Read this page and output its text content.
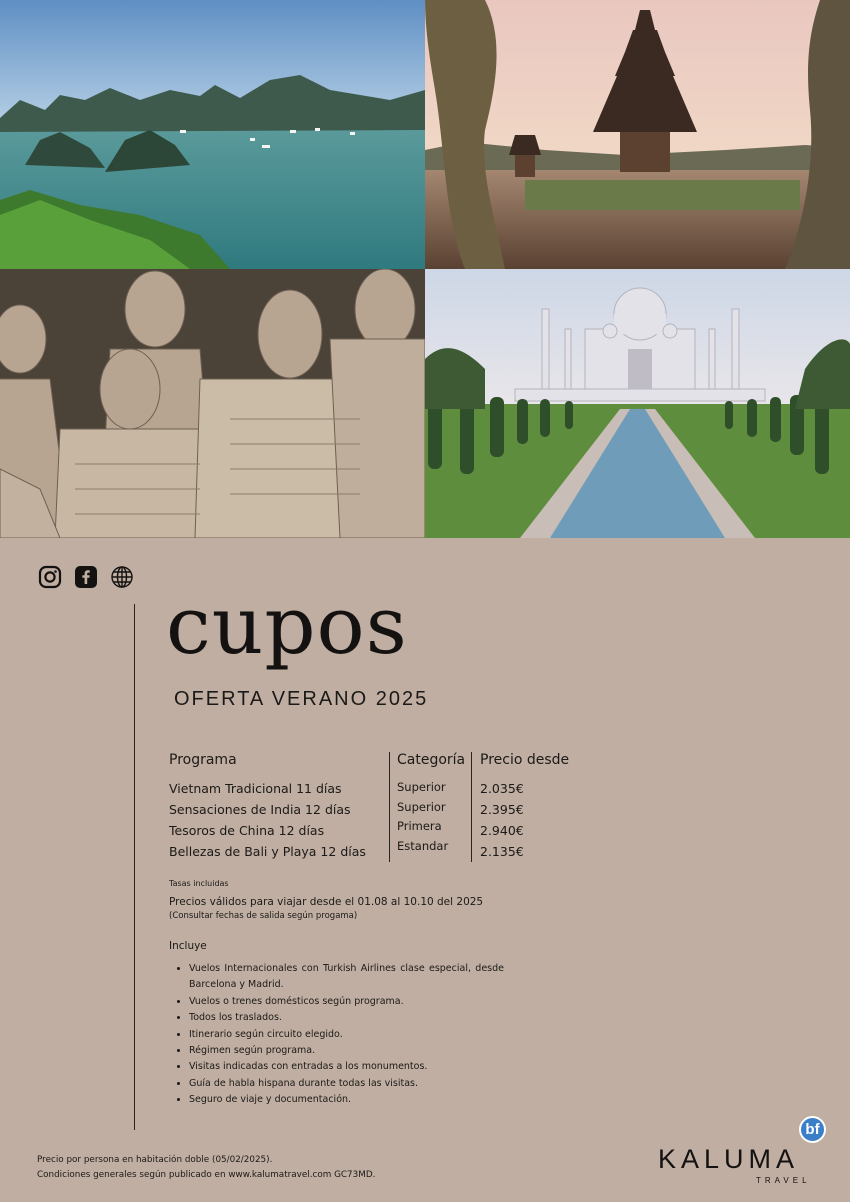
cupos
OFERTA VERANO 2025
Programa
Vietnam Tradicional 11 días
Sensaciones de India 12 días
Tesoros de China 12 días
Bellezas de Bali y Playa 12 días
Categoría
Superior
Superior
Primera
Estandar
Precio desde
2.035€
2.395€
2.940€
2.135€
Tasas incluidas
Precios válidos para viajar desde el 01.08 al 10.10 del 2025
(Consultar fechas de salida según progama)
Incluye
• Vuelos Internacionales con Turkish Airlines clase especial, desde Barcelona y Madrid.
• Vuelos o trenes domésticos según programa.
• Todos los traslados.
• Itinerario según circuito elegido.
• Régimen según programa.
• Visitas indicadas con entradas a los monumentos.
• Guía de habla hispana durante todas las visitas.
• Seguro de viaje y documentación.
Precio por persona en habitación doble (05/02/2025).
Condiciones generales según publicado en www.kalumatravel.com GC73MD.
bf
KALUMA
TRAVEL
